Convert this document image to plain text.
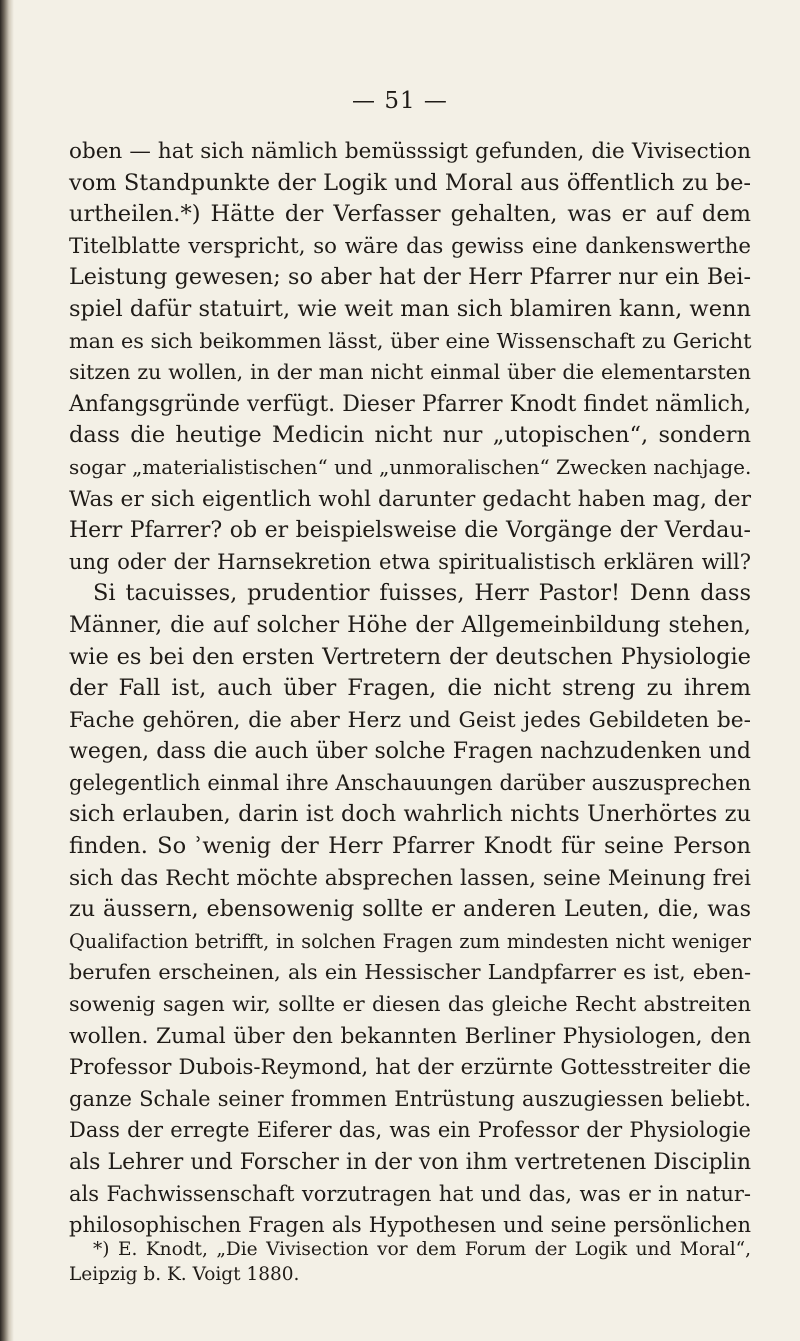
— 51 —
oben — hat sich nämlich bemüsssigt gefunden, die Vivisection
vom Standpunkte der Logik und Moral aus öffentlich zu be-
urtheilen.*) Hätte der Verfasser gehalten, was er auf dem
Titelblatte verspricht, so wäre das gewiss eine dankenswerthe
Leistung gewesen; so aber hat der Herr Pfarrer nur ein Bei-
spiel dafür statuirt, wie weit man sich blamiren kann, wenn
man es sich beikommen lässt, über eine Wissenschaft zu Gericht
sitzen zu wollen, in der man nicht einmal über die elementarsten
Anfangsgründe verfügt. Dieser Pfarrer Knodt findet nämlich,
dass die heutige Medicin nicht nur „utopischen“, sondern
sogar „materialistischen“ und „unmoralischen“ Zwecken nachjage.
Was er sich eigentlich wohl darunter gedacht haben mag, der
Herr Pfarrer? ob er beispielsweise die Vorgänge der Verdau-
ung oder der Harnsekretion etwa spiritualistisch erklären will?
Si tacuisses, prudentior fuisses, Herr Pastor! Denn dass
Männer, die auf solcher Höhe der Allgemeinbildung stehen,
wie es bei den ersten Vertretern der deutschen Physiologie
der Fall ist, auch über Fragen, die nicht streng zu ihrem
Fache gehören, die aber Herz und Geist jedes Gebildeten be-
wegen, dass die auch über solche Fragen nachzudenken und
gelegentlich einmal ihre Anschauungen darüber auszusprechen
sich erlauben, darin ist doch wahrlich nichts Unerhörtes zu
finden. So ʾwenig der Herr Pfarrer Knodt für seine Person
sich das Recht möchte absprechen lassen, seine Meinung frei
zu äussern, ebensowenig sollte er anderen Leuten, die, was
Qualifaction betrifft, in solchen Fragen zum mindesten nicht weniger
berufen erscheinen, als ein Hessischer Landpfarrer es ist, eben-
sowenig sagen wir, sollte er diesen das gleiche Recht abstreiten
wollen. Zumal über den bekannten Berliner Physiologen, den
Professor Dubois-Reymond, hat der erzürnte Gottesstreiter die
ganze Schale seiner frommen Entrüstung auszugiessen beliebt.
Dass der erregte Eiferer das, was ein Professor der Physiologie
als Lehrer und Forscher in der von ihm vertretenen Disciplin
als Fachwissenschaft vorzutragen hat und das, was er in natur-
philosophischen Fragen als Hypothesen und seine persönlichen
*) E. Knodt, „Die Vivisection vor dem Forum der Logik und Moral“,
Leipzig b. K. Voigt 1880.
